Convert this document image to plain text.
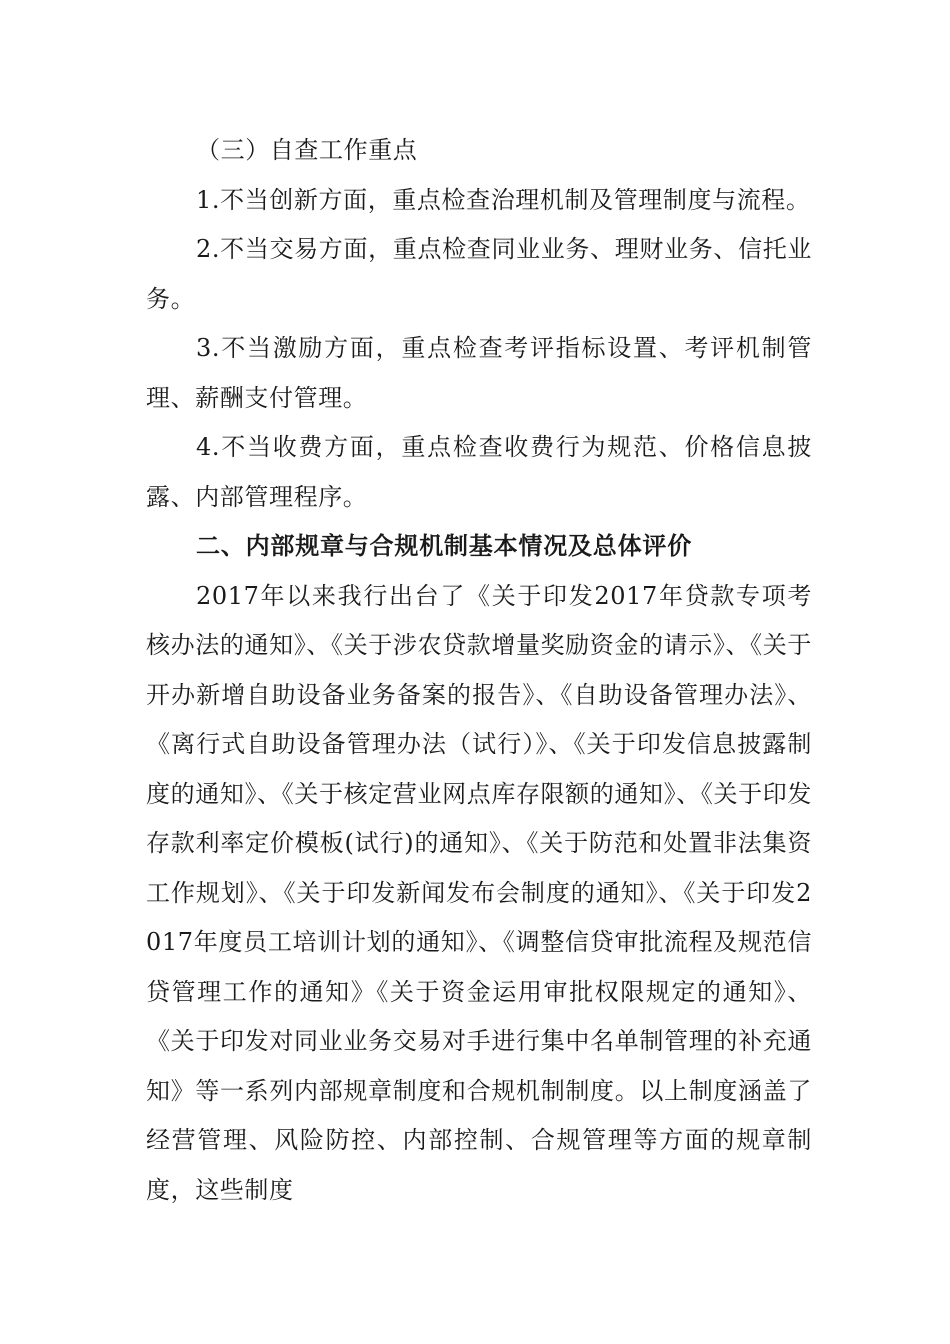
（三）自查工作重点

1.不当创新方面，重点检查治理机制及管理制度与流程。

2.不当交易方面，重点检查同业业务、理财业务、信托业务。

3.不当激励方面，重点检查考评指标设置、考评机制管理、薪酬支付管理。

4.不当收费方面，重点检查收费行为规范、价格信息披露、内部管理程序。

二、内部规章与合规机制基本情况及总体评价

2017年以来我行出台了《关于印发2017年贷款专项考核办法的通知》、《关于涉农贷款增量奖励资金的请示》、《关于开办新增自助设备业务备案的报告》、《自助设备管理办法》、《离行式自助设备管理办法（试行）》、《关于印发信息披露制度的通知》、《关于核定营业网点库存限额的通知》、《关于印发存款利率定价模板(试行)的通知》、《关于防范和处置非法集资工作规划》、《关于印发新闻发布会制度的通知》、《关于印发2017年度员工培训计划的通知》、《调整信贷审批流程及规范信贷管理工作的通知》《关于资金运用审批权限规定的通知》、《关于印发对同业业务交易对手进行集中名单制管理的补充通知》等一系列内部规章制度和合规机制制度。以上制度涵盖了经营管理、风险防控、内部控制、合规管理等方面的规章制度，这些制度
